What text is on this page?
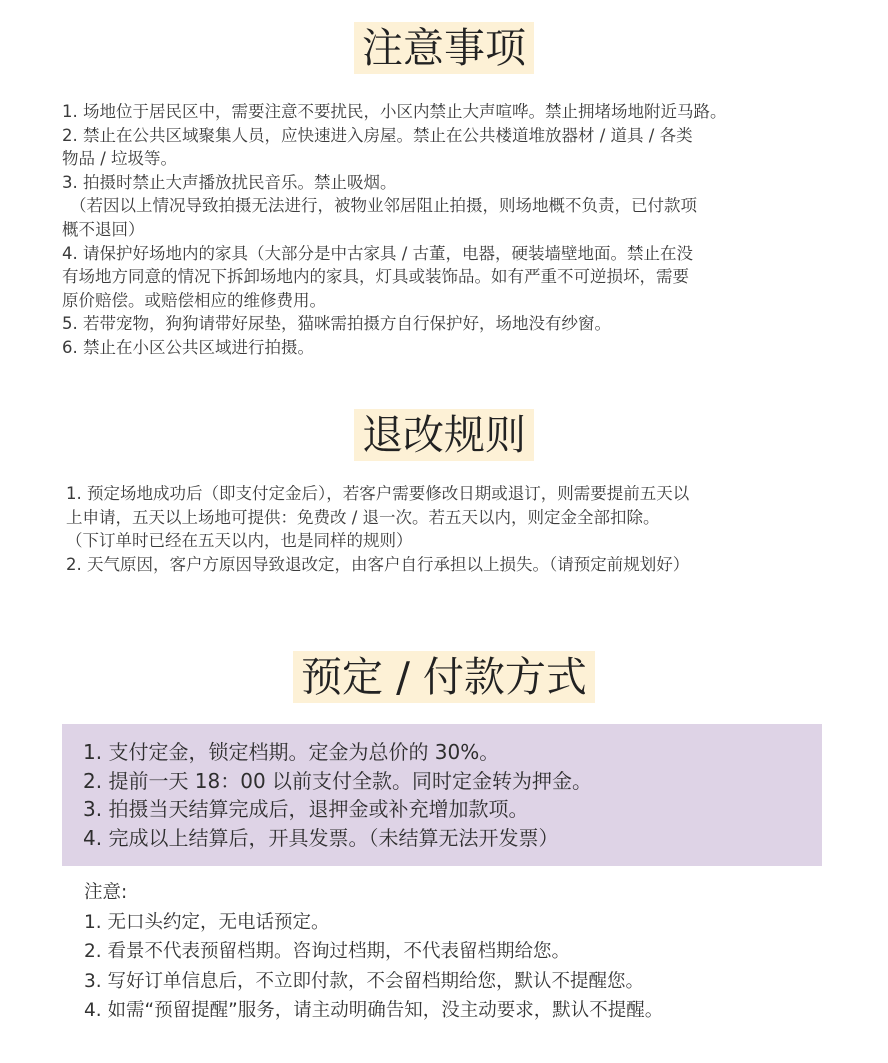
注意事项

1. 场地位于居民区中，需要注意不要扰民，小区内禁止大声喧哗。禁止拥堵场地附近马路。

2. 禁止在公共区域聚集人员，应快速进入房屋。禁止在公共楼道堆放器材 / 道具 / 各类

物品 / 垃圾等。

3. 拍摄时禁止大声播放扰民音乐。禁止吸烟。

（若因以上情况导致拍摄无法进行，被物业邻居阻止拍摄，则场地概不负责，已付款项

概不退回）

4. 请保护好场地内的家具（大部分是中古家具 / 古董，电器，硬装墙壁地面。禁止在没

有场地方同意的情况下拆卸场地内的家具，灯具或装饰品。如有严重不可逆损坏，需要

原价赔偿。或赔偿相应的维修费用。

5. 若带宠物，狗狗请带好尿垫，猫咪需拍摄方自行保护好，场地没有纱窗。

6. 禁止在小区公共区域进行拍摄。

退改规则

1. 预定场地成功后（即支付定金后），若客户需要修改日期或退订，则需要提前五天以

上申请，五天以上场地可提供：免费改 / 退一次。若五天以内，则定金全部扣除。

（下订单时已经在五天以内，也是同样的规则）

2. 天气原因，客户方原因导致退改定，由客户自行承担以上损失。（请预定前规划好）

预定 / 付款方式

1. 支付定金，锁定档期。定金为总价的 30%。

2. 提前一天 18：00 以前支付全款。同时定金转为押金。

3. 拍摄当天结算完成后，退押金或补充增加款项。

4. 完成以上结算后，开具发票。（未结算无法开发票）

注意:

1. 无口头约定，无电话预定。

2. 看景不代表预留档期。咨询过档期，不代表留档期给您。

3. 写好订单信息后，不立即付款，不会留档期给您，默认不提醒您。

4. 如需“预留提醒”服务，请主动明确告知，没主动要求，默认不提醒。
